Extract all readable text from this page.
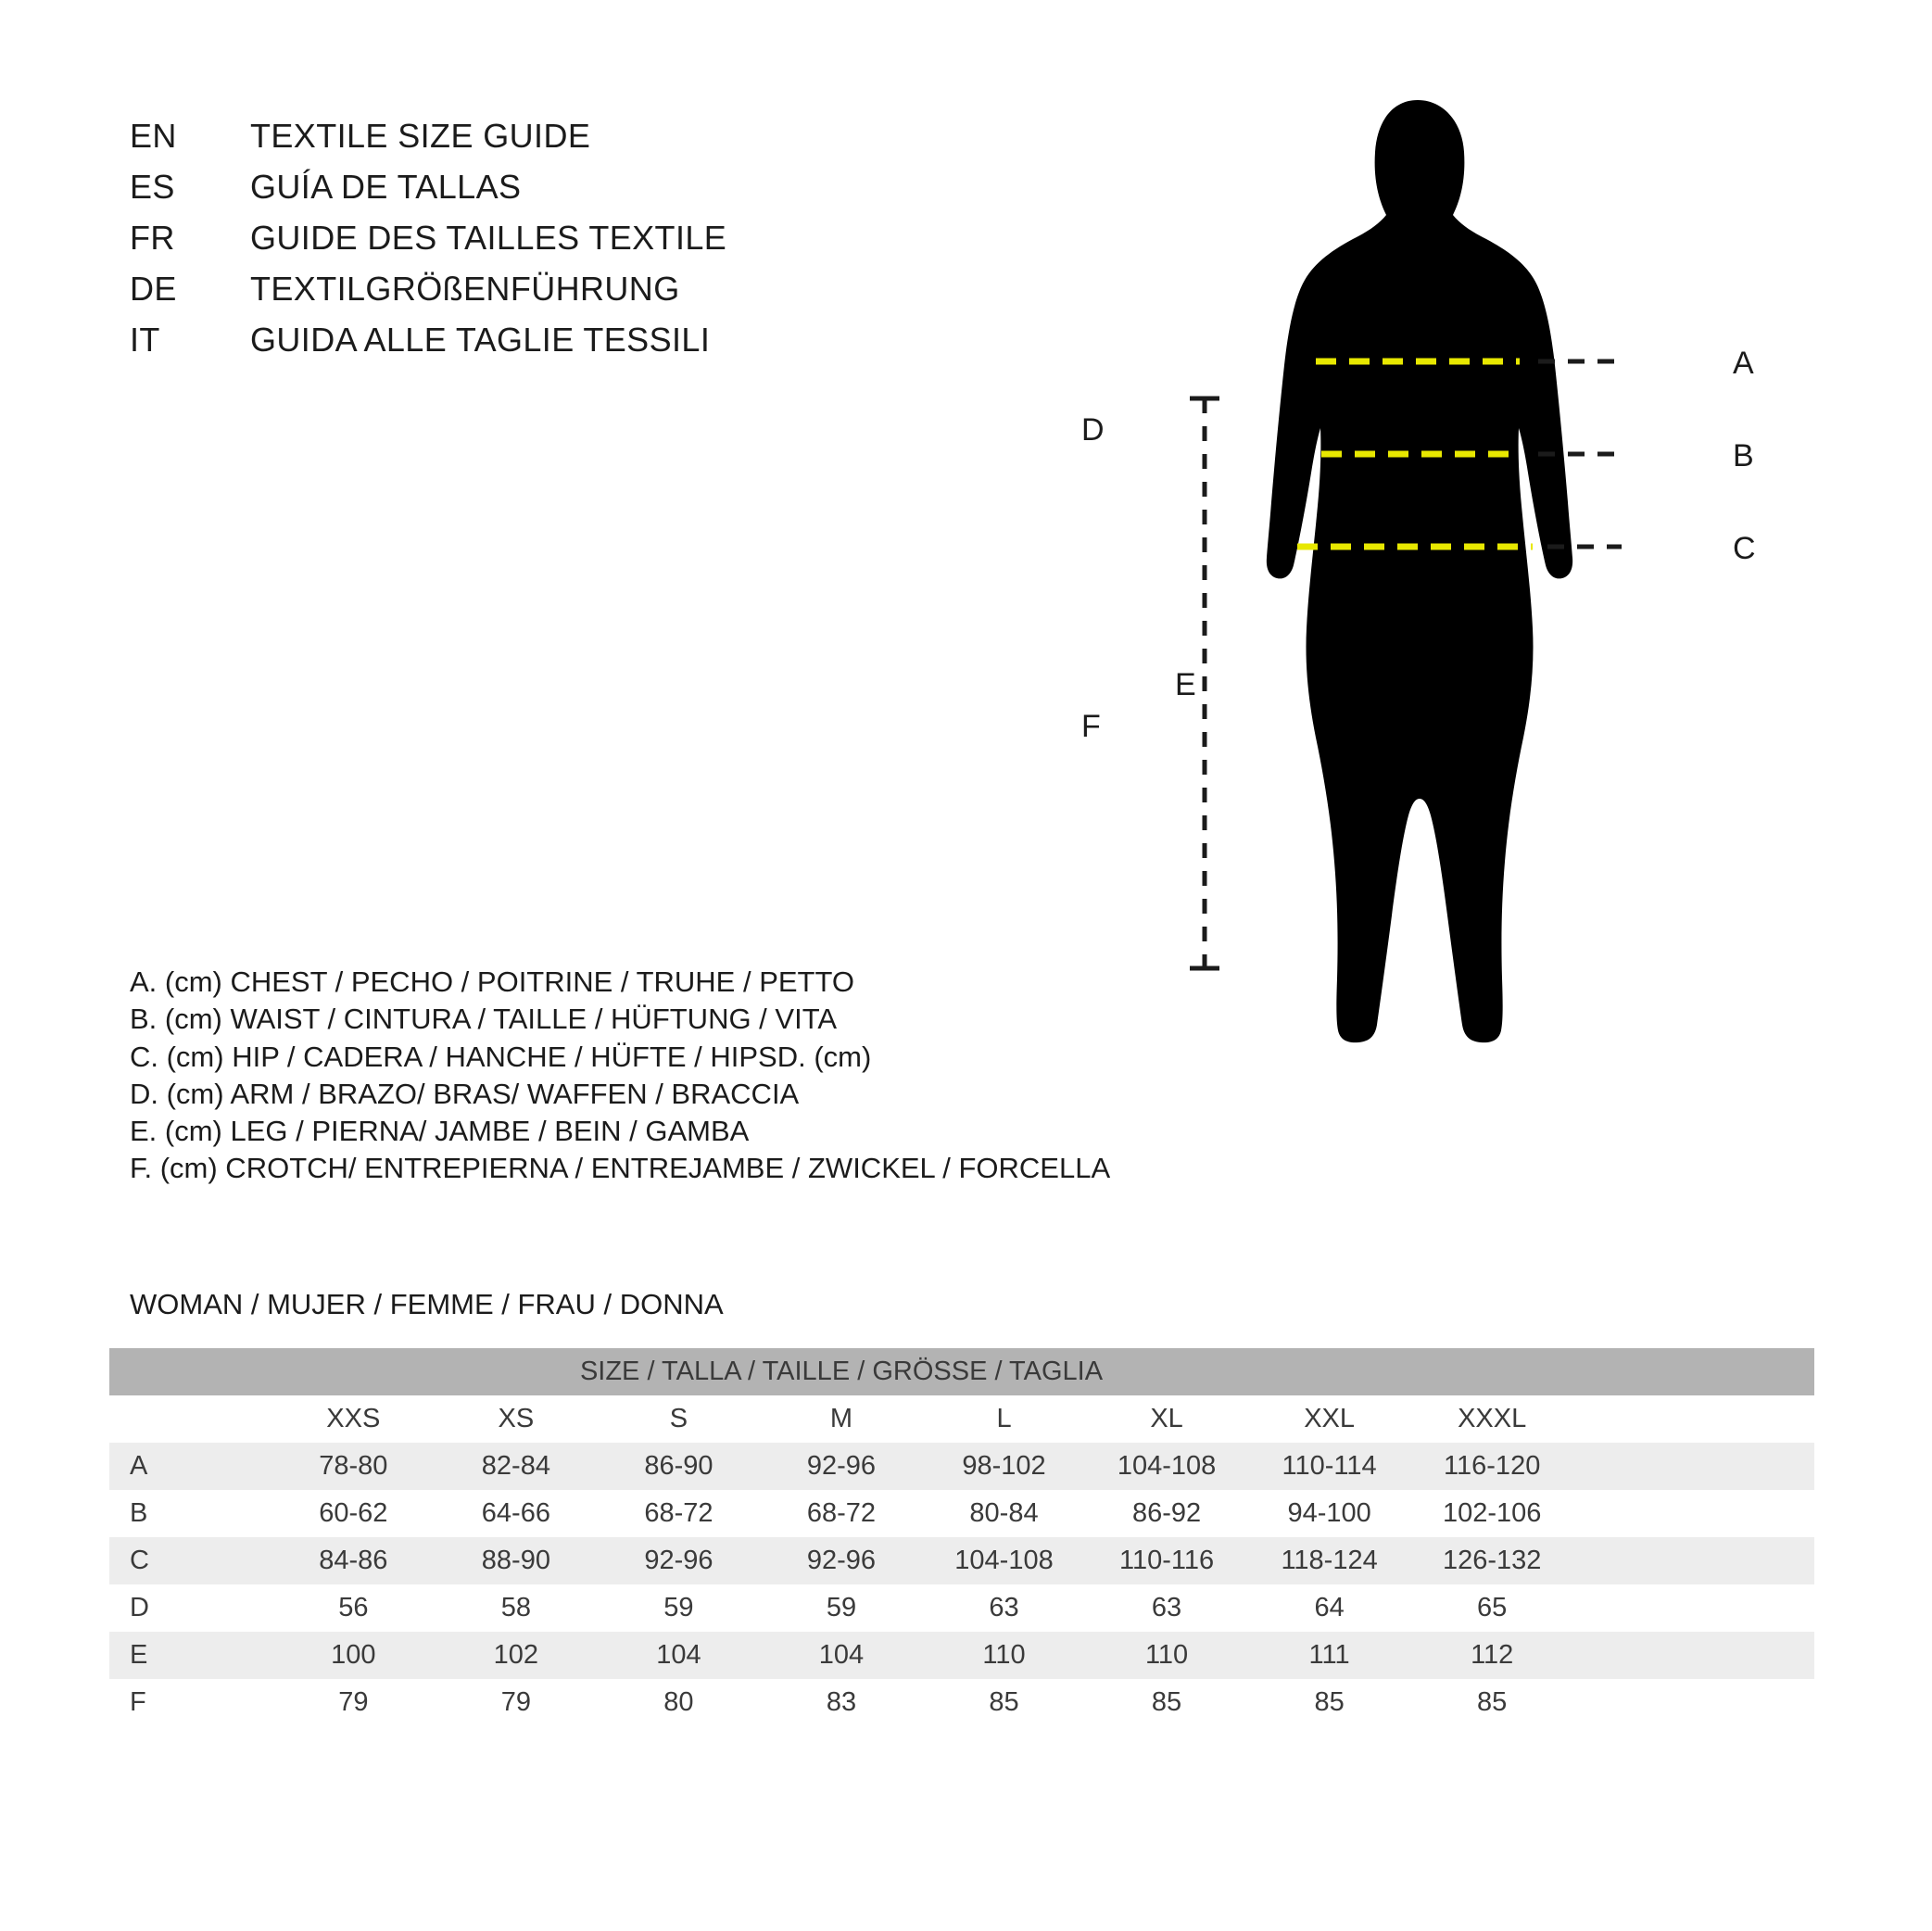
EN	TEXTILE SIZE GUIDE
ES	GUÍA DE TALLAS
FR	GUIDE DES TAILLES TEXTILE
DE	TEXTILGRÖßENFÜHRUNG
IT	GUIDA ALLE TAGLIE TESSILI
A
B
C
D
E
F
A. (cm) CHEST / PECHO / POITRINE / TRUHE / PETTO
B. (cm) WAIST / CINTURA / TAILLE / HÜFTUNG / VITA
C. (cm) HIP / CADERA / HANCHE / HÜFTE / HIPSD. (cm)
D. (cm) ARM / BRAZO/ BRAS/ WAFFEN / BRACCIA
E. (cm) LEG / PIERNA/ JAMBE / BEIN / GAMBA
F. (cm) CROTCH/ ENTREPIERNA / ENTREJAMBE / ZWICKEL / FORCELLA
WOMAN / MUJER / FEMME / FRAU / DONNA
SIZE / TALLA / TAILLE / GRÖSSE / TAGLIA									
	XXS	XS	S	M	L	XL	XXL	XXXL	
A	78-80	82-84	86-90	92-96	98-102	104-108	110-114	116-120	
B	60-62	64-66	68-72	68-72	80-84	86-92	94-100	102-106	
C	84-86	88-90	92-96	92-96	104-108	110-116	118-124	126-132	
D	56	58	59	59	63	63	64	65	
E	100	102	104	104	110	110	111	112	
F	79	79	80	83	85	85	85	85	
